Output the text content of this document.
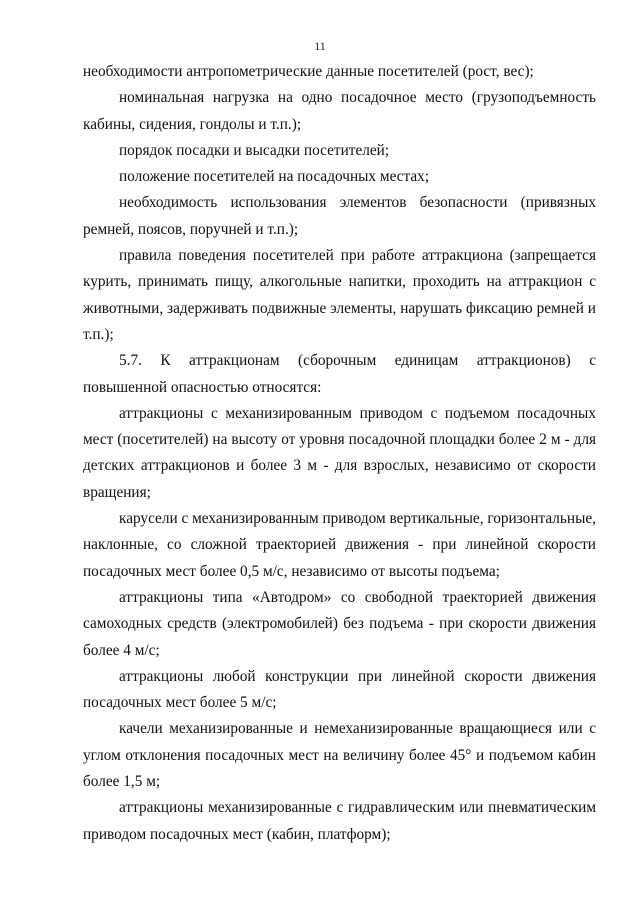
11

необходимости антропометрические данные посетителей (рост, вес);

номинальная нагрузка на одно посадочное место (грузоподъемность кабины, сидения, гондолы и т.п.);

порядок посадки и высадки посетителей;

положение посетителей на посадочных местах;

необходимость использования элементов безопасности (привязных ремней, поясов, поручней и т.п.);

правила поведения посетителей при работе аттракциона (запрещается курить, принимать пищу, алкогольные напитки, проходить на аттракцион с животными, задерживать подвижные элементы, нарушать фиксацию ремней и т.п.);

5.7. К аттракционам (сборочным единицам аттракционов) с повышенной опасностью относятся:

аттракционы с механизированным приводом с подъемом посадочных мест (посетителей) на высоту от уровня посадочной площадки более 2 м - для детских аттракционов и более 3 м - для взрослых, независимо от скорости вращения;

карусели с механизированным приводом вертикальные, горизонтальные, наклонные, со сложной траекторией движения - при линейной скорости посадочных мест более 0,5 м/с, независимо от высоты подъема;

аттракционы типа «Автодром» со свободной траекторией движения самоходных средств (электромобилей) без подъема - при скорости движения более 4 м/с;

аттракционы любой конструкции при линейной скорости движения посадочных мест более 5 м/с;

качели механизированные и немеханизированные вращающиеся или с углом отклонения посадочных мест на величину более 45° и подъемом кабин более 1,5 м;

аттракционы механизированные с гидравлическим или пневматическим приводом посадочных мест (кабин, платформ);
